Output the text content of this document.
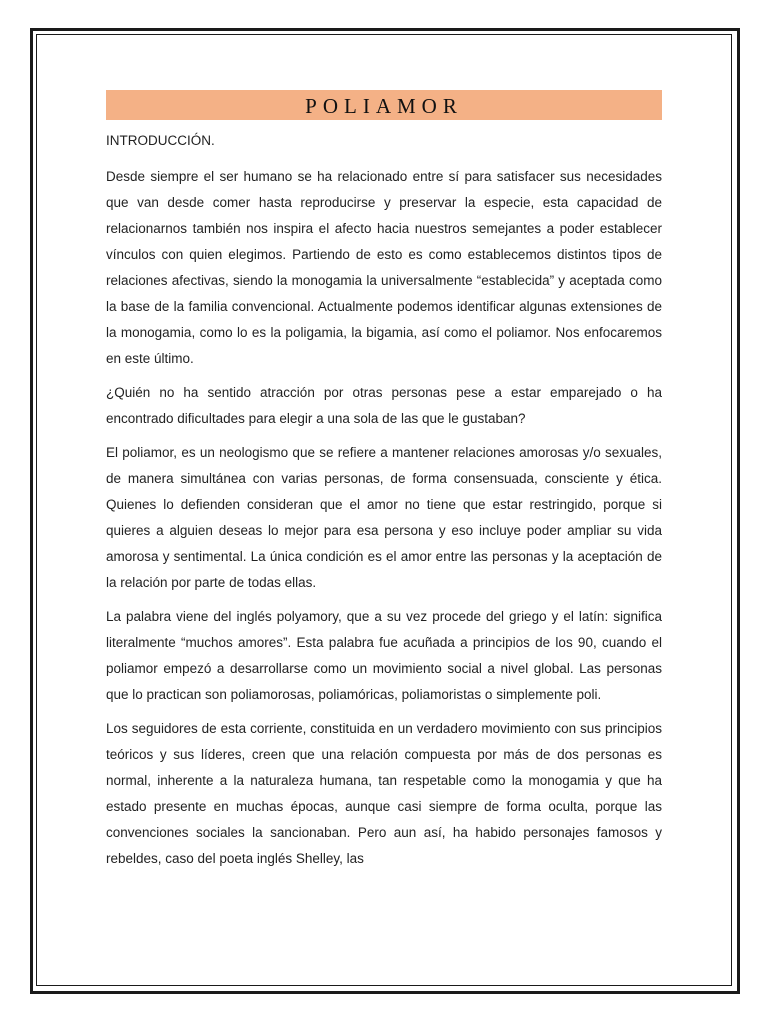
POLIAMOR

INTRODUCCIÓN.

Desde siempre el ser humano se ha relacionado entre sí para satisfacer sus necesidades que van desde comer hasta reproducirse y preservar la especie, esta capacidad de relacionarnos también nos inspira el afecto hacia nuestros semejantes a poder establecer vínculos con quien elegimos. Partiendo de esto es como establecemos distintos tipos de relaciones afectivas, siendo la monogamia la universalmente “establecida” y aceptada como la base de la familia convencional. Actualmente podemos identificar algunas extensiones de la monogamia, como lo es la poligamia, la bigamia, así como el poliamor. Nos enfocaremos en este último.

¿Quién no ha sentido atracción por otras personas pese a estar emparejado o ha encontrado dificultades para elegir a una sola de las que le gustaban?

El poliamor, es un neologismo que se refiere a mantener relaciones amorosas y/o sexuales, de manera simultánea con varias personas, de forma consensuada, consciente y ética. Quienes lo defienden consideran que el amor no tiene que estar restringido, porque si quieres a alguien deseas lo mejor para esa persona y eso incluye poder ampliar su vida amorosa y sentimental. La única condición es el amor entre las personas y la aceptación de la relación por parte de todas ellas.

La palabra viene del inglés polyamory, que a su vez procede del griego y el latín: significa literalmente “muchos amores”. Esta palabra fue acuñada a principios de los 90, cuando el poliamor empezó a desarrollarse como un movimiento social a nivel global. Las personas que lo practican son poliamorosas, poliamóricas, poliamoristas o simplemente poli.

Los seguidores de esta corriente, constituida en un verdadero movimiento con sus principios teóricos y sus líderes, creen que una relación compuesta por más de dos personas es normal, inherente a la naturaleza humana, tan respetable como la monogamia y que ha estado presente en muchas épocas, aunque casi siempre de forma oculta, porque las convenciones sociales la sancionaban. Pero aun así, ha habido personajes famosos y rebeldes, caso del poeta inglés Shelley, las
